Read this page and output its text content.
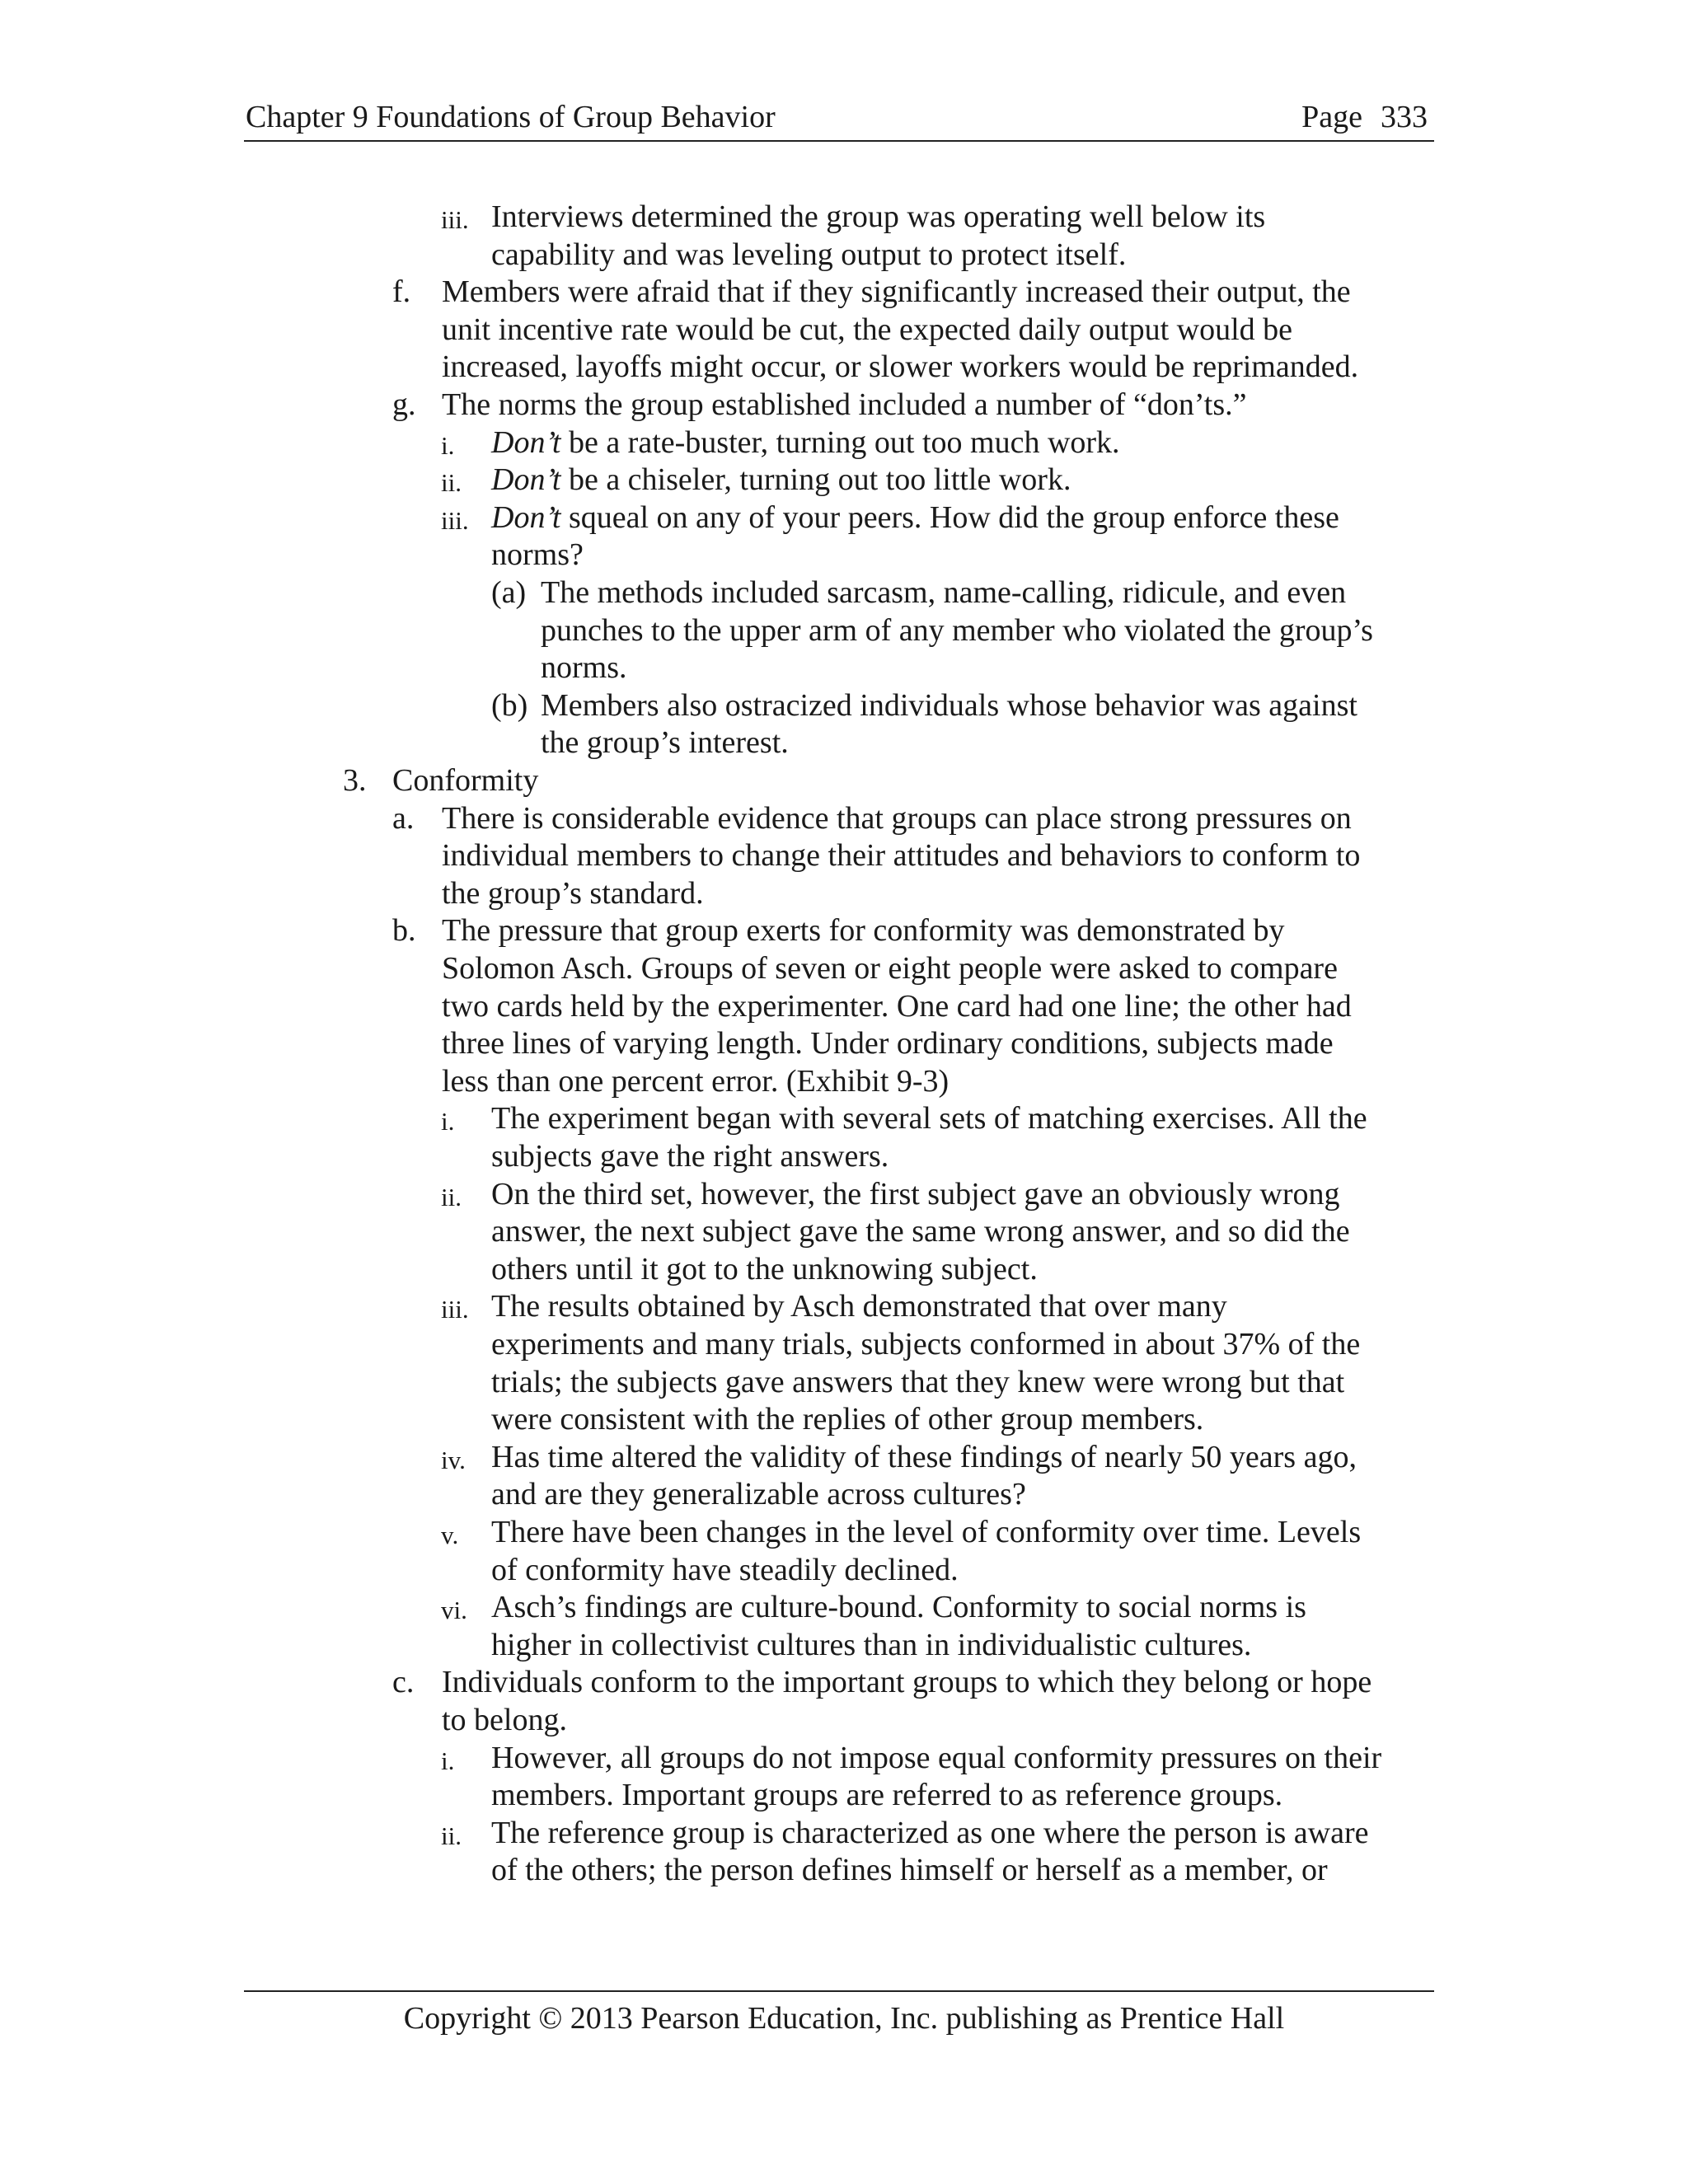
Chapter 9 Foundations of Group Behavior	Page 333
iii. Interviews determined the group was operating well below its
capability and was leveling output to protect itself.
f. Members were afraid that if they significantly increased their output, the
unit incentive rate would be cut, the expected daily output would be
increased, layoffs might occur, or slower workers would be reprimanded.
g. The norms the group established included a number of “don’ts.”
i. Don’t be a rate-buster, turning out too much work.
ii. Don’t be a chiseler, turning out too little work.
iii. Don’t squeal on any of your peers. How did the group enforce these
norms?
(a) The methods included sarcasm, name-calling, ridicule, and even
punches to the upper arm of any member who violated the group’s
norms.
(b) Members also ostracized individuals whose behavior was against
the group’s interest.
3. Conformity
a. There is considerable evidence that groups can place strong pressures on
individual members to change their attitudes and behaviors to conform to
the group’s standard.
b. The pressure that group exerts for conformity was demonstrated by
Solomon Asch. Groups of seven or eight people were asked to compare
two cards held by the experimenter. One card had one line; the other had
three lines of varying length. Under ordinary conditions, subjects made
less than one percent error. (Exhibit 9-3)
i. The experiment began with several sets of matching exercises. All the
subjects gave the right answers.
ii. On the third set, however, the first subject gave an obviously wrong
answer, the next subject gave the same wrong answer, and so did the
others until it got to the unknowing subject.
iii. The results obtained by Asch demonstrated that over many
experiments and many trials, subjects conformed in about 37% of the
trials; the subjects gave answers that they knew were wrong but that
were consistent with the replies of other group members.
iv. Has time altered the validity of these findings of nearly 50 years ago,
and are they generalizable across cultures?
v. There have been changes in the level of conformity over time. Levels
of conformity have steadily declined.
vi. Asch’s findings are culture-bound. Conformity to social norms is
higher in collectivist cultures than in individualistic cultures.
c. Individuals conform to the important groups to which they belong or hope
to belong.
i. However, all groups do not impose equal conformity pressures on their
members. Important groups are referred to as reference groups.
ii. The reference group is characterized as one where the person is aware
of the others; the person defines himself or herself as a member, or
Copyright © 2013 Pearson Education, Inc. publishing as Prentice Hall
